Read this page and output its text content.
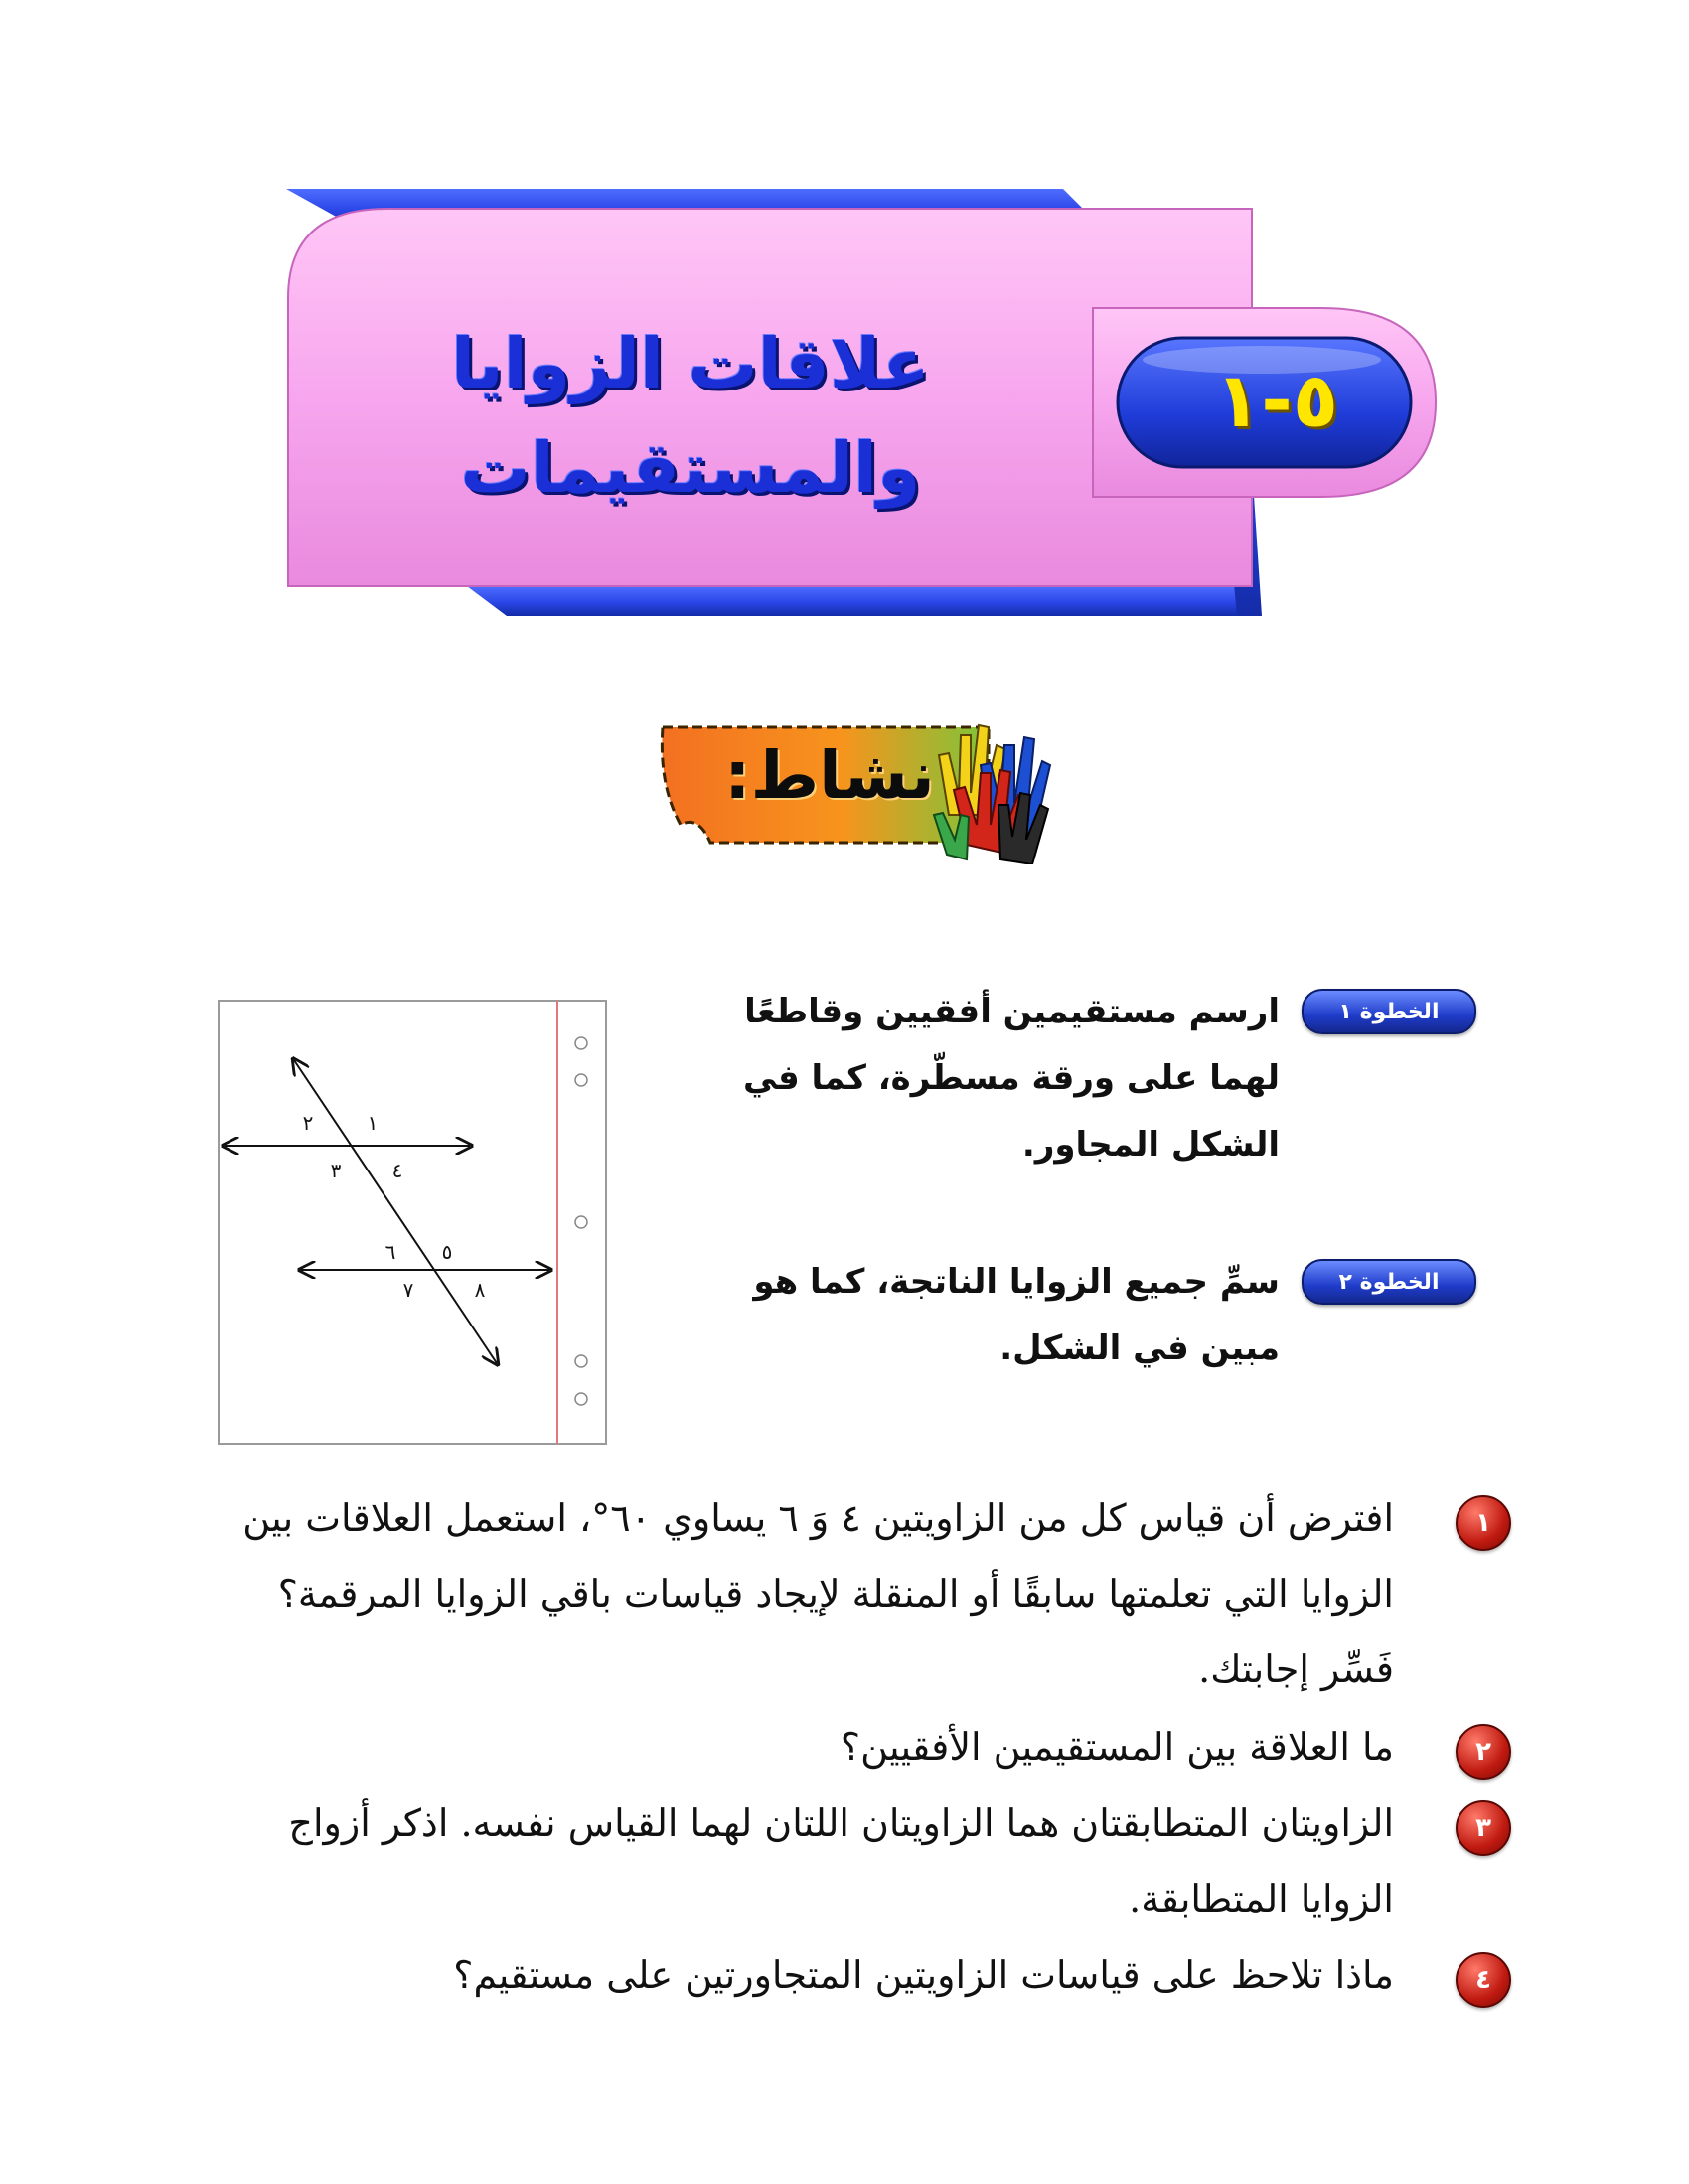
علاقات الزوايا
والمستقيمات
٥-١
نشاط:
١
٢
٣	٤
٥
٦
٧	٨
الخطوة ١
ارسم مستقيمين أفقيين وقاطعًا لهما على ورقة مسطّرة، كما في الشكل المجاور.
الخطوة ٢
سمِّ جميع الزوايا الناتجة، كما هو مبين في الشكل.
١
افترض أن قياس كل من الزاويتين ٤ وَ ٦ يساوي ٦٠°، استعمل العلاقات بين الزوايا التي تعلمتها سابقًا أو المنقلة لإيجاد قياسات باقي الزوايا المرقمة؟ فَسِّر إجابتك.
٢
ما العلاقة بين المستقيمين الأفقيين؟
٣
الزاويتان المتطابقتان هما الزاويتان اللتان لهما القياس نفسه. اذكر أزواج الزوايا المتطابقة.
٤
ماذا تلاحظ على قياسات الزاويتين المتجاورتين على مستقيم؟
